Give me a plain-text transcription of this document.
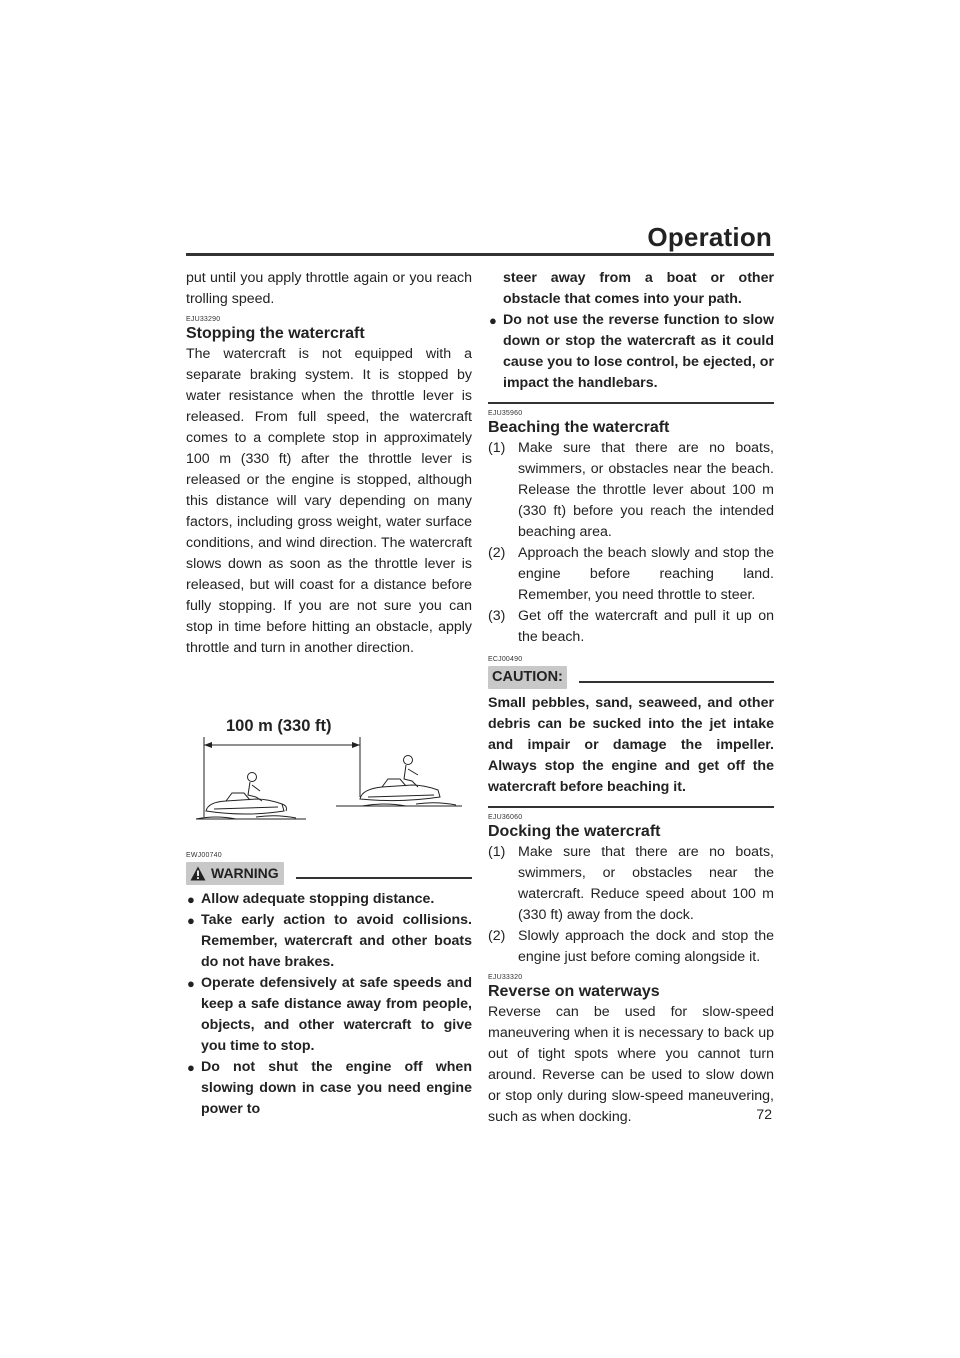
Operation

put until you apply throttle again or you reach trolling speed.

EJU33290
Stopping the watercraft

The watercraft is not equipped with a separate braking system. It is stopped by water resistance when the throttle lever is released. From full speed, the watercraft comes to a complete stop in approximately 100 m (330 ft) after the throttle lever is released or the engine is stopped, although this distance will vary depending on many factors, including gross weight, water surface conditions, and wind direction. The watercraft slows down as soon as the throttle lever is released, but will coast for a distance before fully stopping. If you are not sure you can stop in time before hitting an obstacle, apply throttle and turn in another direction.

100 m (330 ft)
EWJ00740
WARNING
● Allow adequate stopping distance.
● Take early action to avoid collisions. Remember, watercraft and other boats do not have brakes.
● Operate defensively at safe speeds and keep a safe distance away from people, objects, and other watercraft to give you time to stop.
● Do not shut the engine off when slowing down in case you need engine power to
steer away from a boat or other obstacle that comes into your path.
● Do not use the reverse function to slow down or stop the watercraft as it could cause you to lose control, be ejected, or impact the handlebars.
EJU35960
Beaching the watercraft
(1) Make sure that there are no boats, swimmers, or obstacles near the beach. Release the throttle lever about 100 m (330 ft) before you reach the intended beaching area.
(2) Approach the beach slowly and stop the engine before reaching land. Remember, you need throttle to steer.
(3) Get off the watercraft and pull it up on the beach.
ECJ00490
CAUTION:
Small pebbles, sand, seaweed, and other debris can be sucked into the jet intake and impair or damage the impeller. Always stop the engine and get off the watercraft before beaching it.
EJU36060
Docking the watercraft
(1) Make sure that there are no boats, swimmers, or obstacles near the watercraft. Reduce speed about 100 m (330 ft) away from the dock.
(2) Slowly approach the dock and stop the engine just before coming alongside it.
EJU33320
Reverse on waterways

Reverse can be used for slow-speed maneuvering when it is necessary to back up out of tight spots where you cannot turn around. Reverse can be used to slow down or stop only during slow-speed maneuvering, such as when docking.	72
